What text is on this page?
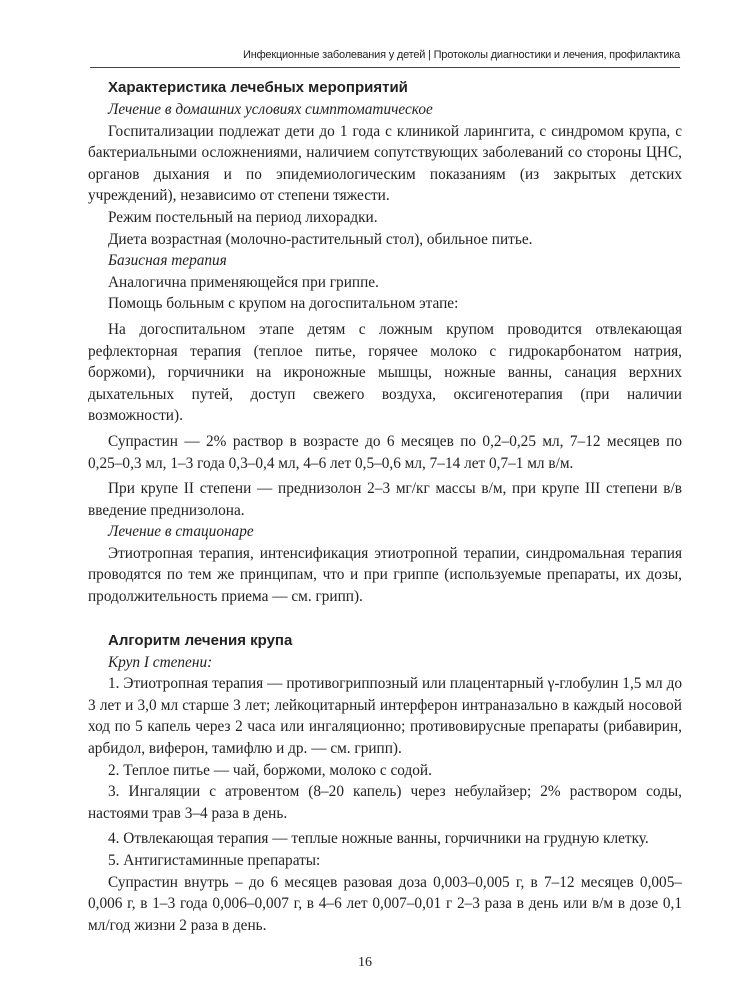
Инфекционные заболевания у детей | Протоколы диагностики и лечения, профилактика
Характеристика лечебных мероприятий
Лечение в домашних условиях симптоматическое

Госпитализации подлежат дети до 1 года с клиникой ларингита, с синдромом крупа, с бактериальными осложнениями, наличием сопутствующих заболеваний со стороны ЦНС, органов дыхания и по эпидемиологическим показаниям (из закрытых детских учреждений), независимо от степени тяжести.

Режим постельный на период лихорадки.

Диета возрастная (молочно-растительный стол), обильное питье.

Базисная терапия

Аналогична применяющейся при гриппе.

Помощь больным с крупом на догоспитальном этапе:

На догоспитальном этапе детям с ложным крупом проводится отвлекающая рефлекторная терапия (теплое питье, горячее молоко с гидрокарбонатом натрия, боржоми), горчичники на икроножные мышцы, ножные ванны, санация верхних дыхательных путей, доступ свежего воздуха, оксигенотерапия (при наличии возможности).

Супрастин — 2% раствор в возрасте до 6 месяцев по 0,2–0,25 мл, 7–12 месяцев по 0,25–0,3 мл, 1–3 года 0,3–0,4 мл, 4–6 лет 0,5–0,6 мл, 7–14 лет 0,7–1 мл в/м.

При крупе II степени — преднизолон 2–3 мг/кг массы в/м, при крупе III степени в/в введение преднизолона.

Лечение в стационаре

Этиотропная терапия, интенсификация этиотропной терапии, синдромальная терапия проводятся по тем же принципам, что и при гриппе (используемые препараты, их дозы, продолжительность приема — см. грипп).

Алгоритм лечения крупа
Круп I степени:

1. Этиотропная терапия — противогриппозный или плацентарный γ-глобулин 1,5 мл до 3 лет и 3,0 мл старше 3 лет; лейкоцитарный интерферон интраназально в каждый носовой ход по 5 капель через 2 часа или ингаляционно; противовирусные препараты (рибавирин, арбидол, виферон, тамифлю и др. — см. грипп).

2. Теплое питье — чай, боржоми, молоко с содой.

3. Ингаляции с атровентом (8–20 капель) через небулайзер; 2% раствором соды, настоями трав 3–4 раза в день.

4. Отвлекающая терапия — теплые ножные ванны, горчичники на грудную клетку.

5. Антигистаминные препараты:

Супрастин внутрь – до 6 месяцев разовая доза 0,003–0,005 г, в 7–12 месяцев 0,005–0,006 г, в 1–3 года 0,006–0,007 г, в 4–6 лет 0,007–0,01 г 2–3 раза в день или в/м в дозе 0,1 мл/год жизни 2 раза в день.

16
